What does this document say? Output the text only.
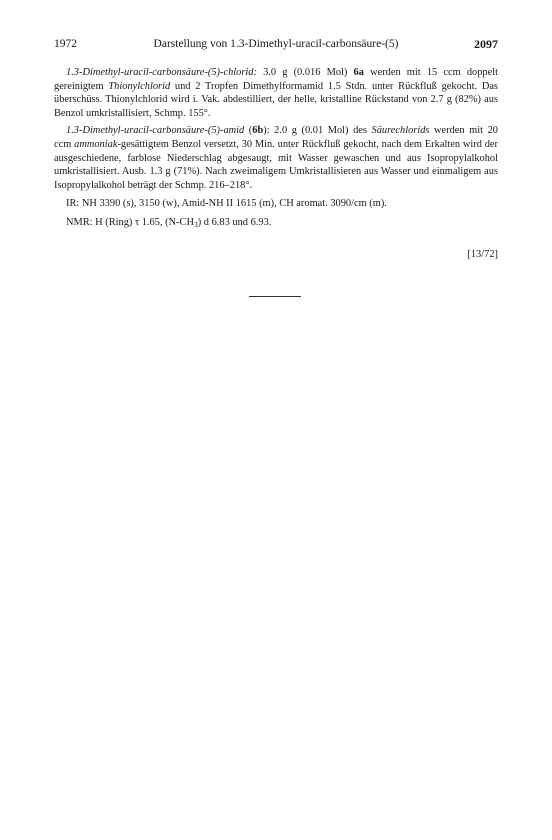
1972	Darstellung von 1.3-Dimethyl-uracil-carbonsäure-(5)	2097

1.3-Dimethyl-uracil-carbonsäure-(5)-chlorid: 3.0 g (0.016 Mol) 6a werden mit 15 ccm doppelt gereinigtem Thionylchlorid und 2 Tropfen Dimethylformamid 1.5 Stdn. unter Rückfluß gekocht. Das überschüss. Thionylchlorid wird i. Vak. abdestilliert, der helle, kristalline Rückstand von 2.7 g (82%) aus Benzol umkristallisiert, Schmp. 155°.

1.3-Dimethyl-uracil-carbonsäure-(5)-amid (6b): 2.0 g (0.01 Mol) des Säurechlorids werden mit 20 ccm ammoniak-gesättigtem Benzol versetzt, 30 Min. unter Rückfluß gekocht, nach dem Erkalten wird der ausgeschiedene, farblose Niederschlag abgesaugt, mit Wasser gewaschen und aus Isopropylalkohol umkristallisiert. Ausb. 1.3 g (71%). Nach zweimaligem Umkristallisieren aus Wasser und einmaligem aus Isopropylalkohol beträgt der Schmp. 216–218°.

IR: NH 3390 (s), 3150 (w), Amid-NH II 1615 (m), CH aromat. 3090/cm (m).

NMR: H (Ring) τ 1.65, $(N-CH_3)$ d 6.83 und 6.93.

[13/72]
